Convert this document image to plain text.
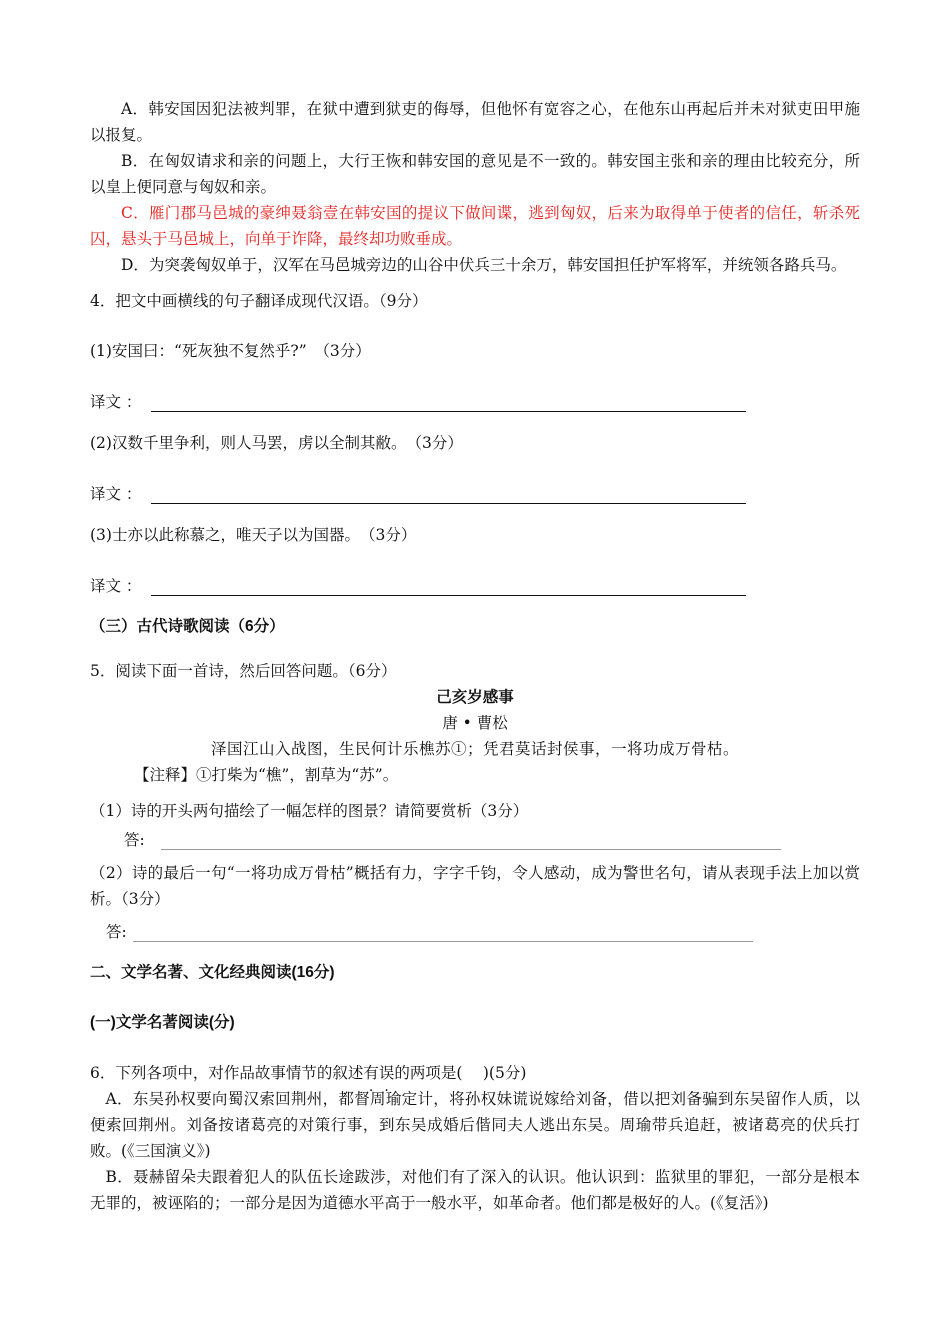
A．韩安国因犯法被判罪，在狱中遭到狱吏的侮辱，但他怀有宽容之心，在他东山再起后并未对狱吏田甲施以报复。

B．在匈奴请求和亲的问题上，大行王恢和韩安国的意见是不一致的。韩安国主张和亲的理由比较充分，所以皇上便同意与匈奴和亲。

C．雁门郡马邑城的豪绅聂翁壹在韩安国的提议下做间谍，逃到匈奴，后来为取得单于使者的信任，斩杀死囚，悬头于马邑城上，向单于诈降，最终却功败垂成。

D．为突袭匈奴单于，汉军在马邑城旁边的山谷中伏兵三十余万，韩安国担任护军将军，并统领各路兵马。

4．把文中画横线的句子翻译成现代汉语。（9分）

(1)安国曰：“死灰独不复然乎?”　（3分）

译文 ：

(2)汉数千里争利，则人马罢，虏以全制其敝。　（3分）

译文 ：

(3)士亦以此称慕之，唯天子以为国器。　（3分）

译文 ：

（三）古代诗歌阅读（6分）

5．阅读下面一首诗，然后回答问题。（6分）

己亥岁感事

唐 • 曹松

泽国江山入战图，生民何计乐樵苏①；凭君莫话封侯事，一将功成万骨枯。

【注释】①打柴为“樵”，割草为“苏”。

（1）诗的开头两句描绘了一幅怎样的图景？请简要赏析（3分）

答:

（2）诗的最后一句“一将功成万骨枯”概括有力，字字千钧，令人感动，成为警世名句，请从表现手法上加以赏析。（3分）

答:

二、文学名著、文化经典阅读(16分)

(一)文学名著阅读(分)

6．下列各项中，对作品故事情节的叙述有误的两项是(　 )(5分)

A．东吴孙权要向蜀汉索回荆州，都督周瑜定计，将孙权妹谎说嫁给刘备，借以把刘备骗到东吴留作人质，以便索回荆州。刘备按诸葛亮的对策行事，到东吴成婚后偕同夫人逃出东吴。周瑜带兵追赶，被诸葛亮的伏兵打败。(《三国演义》)

B．聂赫留朵夫跟着犯人的队伍长途跋涉，对他们有了深入的认识。他认识到：监狱里的罪犯，一部分是根本无罪的，被诬陷的；一部分是因为道德水平高于一般水平，如革命者。他们都是极好的人。(《复活》)
